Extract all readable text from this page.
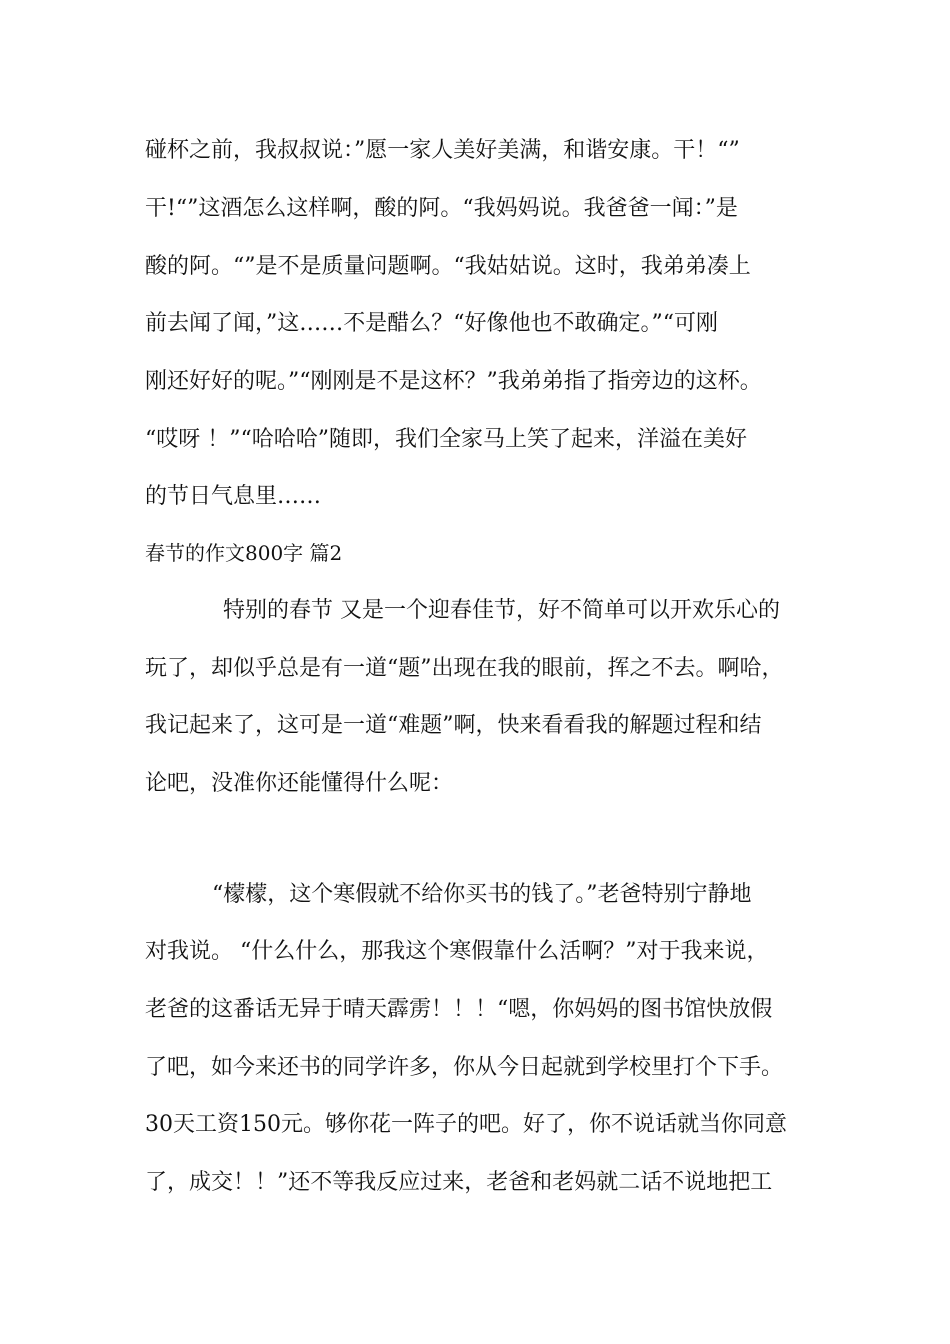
碰杯之前，我叔叔说：”愿一家人美好美满，和谐安康。干！“”
干!“”这酒怎么这样啊，酸的阿。“我妈妈说。我爸爸一闻：”是
酸的阿。“”是不是质量问题啊。“我姑姑说。这时，我弟弟凑上
前去闻了闻，”这……不是醋么？“好像他也不敢确定。”“可刚
刚还好好的呢。”“刚刚是不是这杯？”我弟弟指了指旁边的这杯。
“哎呀 ！”“哈哈哈”随即，我们全家马上笑了起来，洋溢在美好
的节日气息里……
春节的作文800字 篇2
特别的春节 又是一个迎春佳节，好不简单可以开欢乐心的
玩了，却似乎总是有一道“题”出现在我的眼前，挥之不去。啊哈，
我记起来了，这可是一道“难题”啊，快来看看我的解题过程和结
论吧，没准你还能懂得什么呢：
“檬檬，这个寒假就不给你买书的钱了。”老爸特别宁静地
对我说。 “什么什么，那我这个寒假靠什么活啊？”对于我来说，
老爸的这番话无异于晴天霹雳！！！“嗯，你妈妈的图书馆快放假
了吧，如今来还书的同学许多，你从今日起就到学校里打个下手。
30天工资150元。够你花一阵子的吧。好了，你不说话就当你同意
了，成交！！”还不等我反应过来，老爸和老妈就二话不说地把工
